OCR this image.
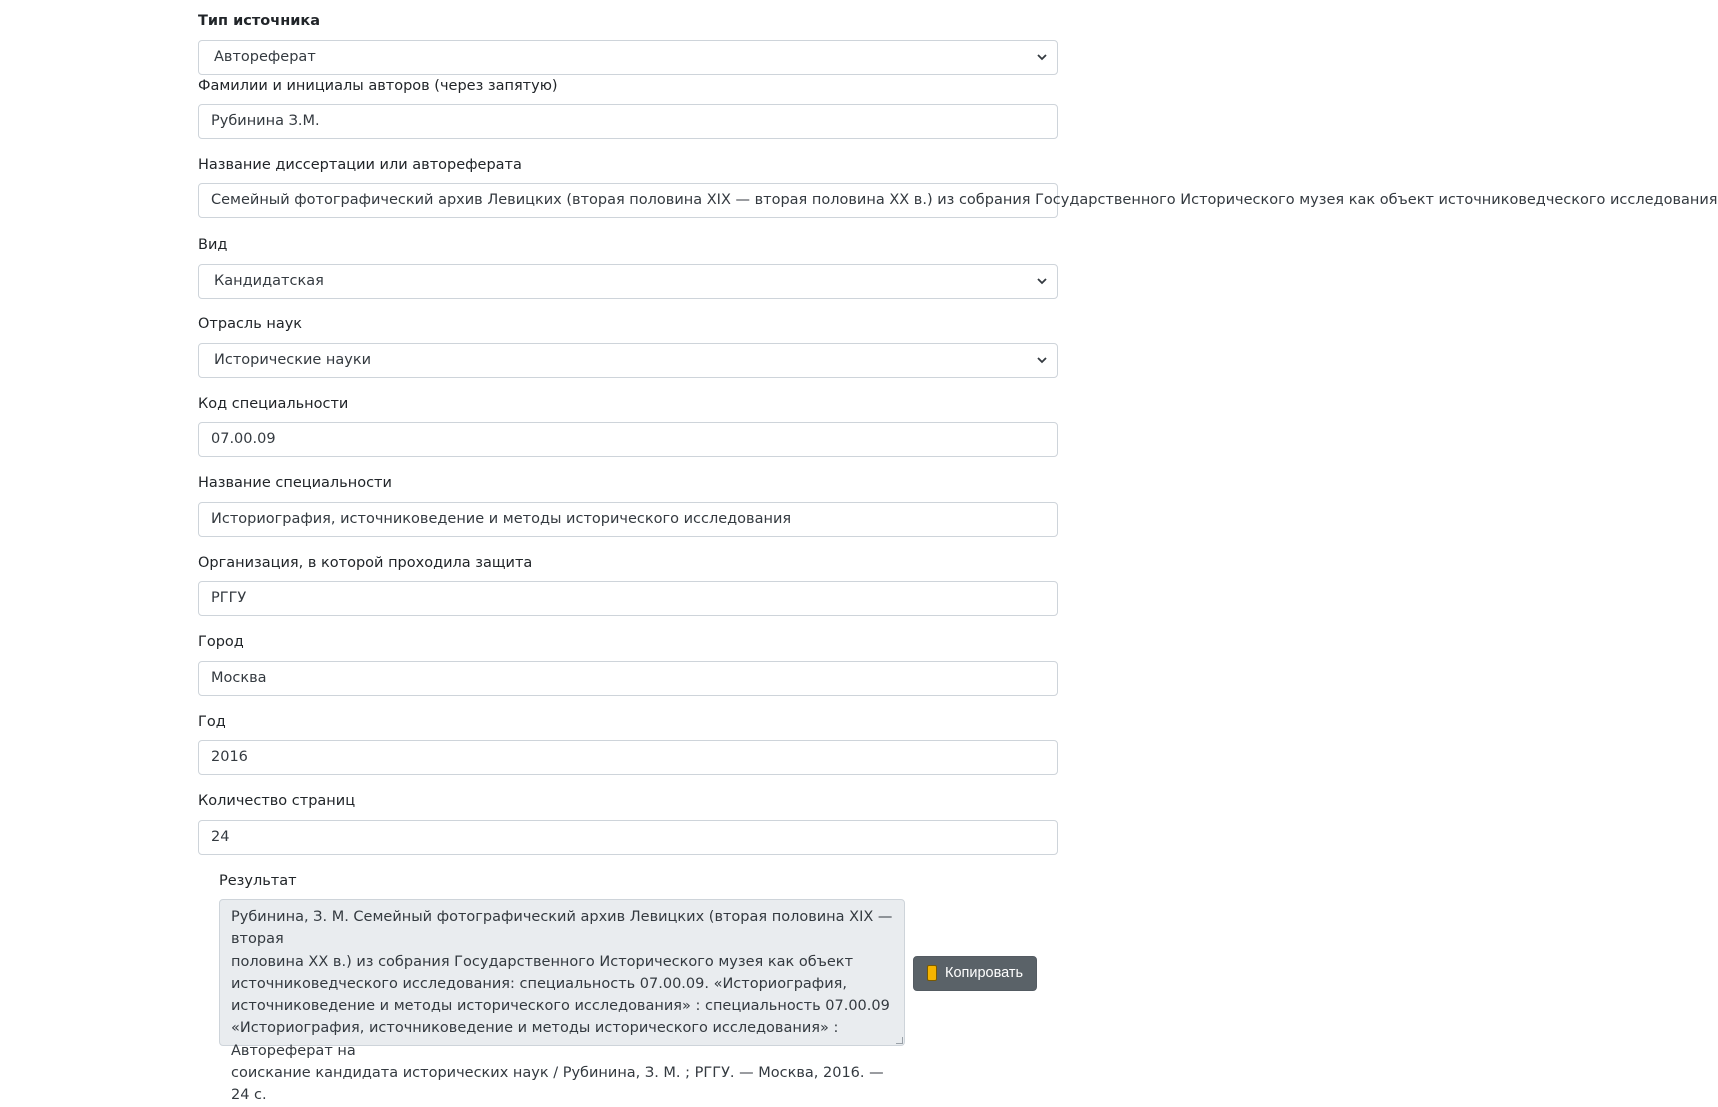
Тип источника
Автореферат
Фамилии и инициалы авторов (через запятую)
Рубинина З.М.
Название диссертации или автореферата
Семейный фотографический архив Левицких (вторая половина XIX — вторая половина XX в.) из собрания Государственного Исторического музея как объект источниковедческого исследования
Вид
Кандидатская
Отрасль наук
Исторические науки
Код специальности
07.00.09
Название специальности
Историография, источниковедение и методы исторического исследования
Организация, в которой проходила защита
РГГУ
Город
Москва
Год
2016
Количество страниц
24
Результат
Рубинина, З. М. Семейный фотографический архив Левицких (вторая половина XIX — вторая
половина XX в.) из собрания Государственного Исторического музея как объект
источниковедческого исследования: специальность 07.00.09. «Историография,
источниковедение и методы исторического исследования» : специальность 07.00.09
«Историография, источниковедение и методы исторического исследования» : Автореферат на
соискание кандидата исторических наук / Рубинина, З. М. ; РГГУ. — Москва, 2016. — 24 с.
Копировать
